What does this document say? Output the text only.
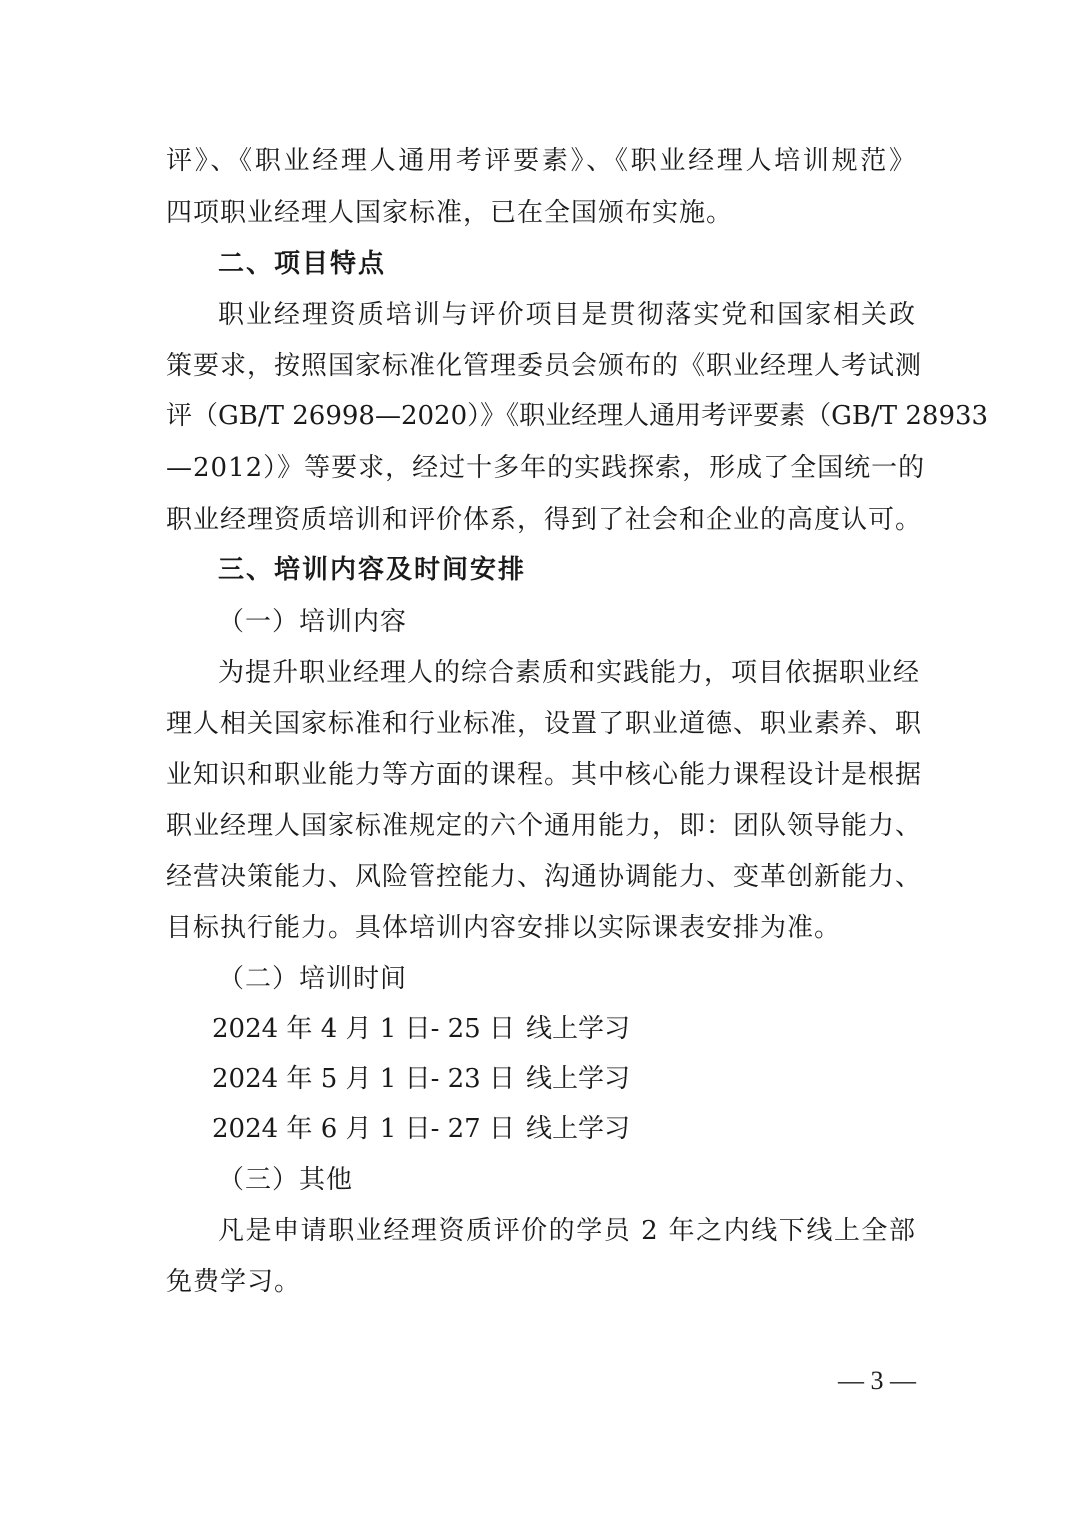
评》、《职业经理人通用考评要素》、《职业经理人培训规范》
四项职业经理人国家标准，已在全国颁布实施。
二、项目特点
职业经理资质培训与评价项目是贯彻落实党和国家相关政
策要求，按照国家标准化管理委员会颁布的《职业经理人考试测
评（GB/T 26998—2020）》《职业经理人通用考评要素（GB/T 28933
—2012）》等要求，经过十多年的实践探索，形成了全国统一的
职业经理资质培训和评价体系，得到了社会和企业的高度认可。
三、培训内容及时间安排
（一）培训内容
为提升职业经理人的综合素质和实践能力，项目依据职业经
理人相关国家标准和行业标准，设置了职业道德、职业素养、职
业知识和职业能力等方面的课程。其中核心能力课程设计是根据
职业经理人国家标准规定的六个通用能力，即：团队领导能力、
经营决策能力、风险管控能力、沟通协调能力、变革创新能力、
目标执行能力。具体培训内容安排以实际课表安排为准。
（二）培训时间
2024 年 4 月 1 日- 25 日 线上学习
2024 年 5 月 1 日- 23 日 线上学习
2024 年 6 月 1 日- 27 日 线上学习
（三）其他
凡是申请职业经理资质评价的学员 2 年之内线下线上全部
免费学习。
— 3 —
